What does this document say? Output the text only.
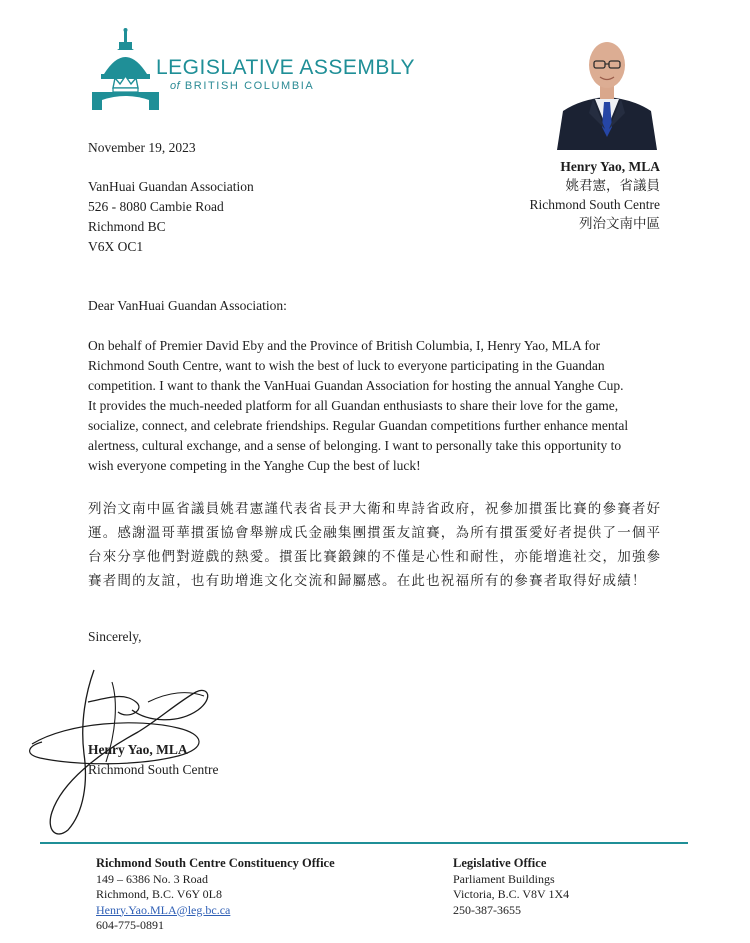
LEGISLATIVE ASSEMBLY
of BRITISH COLUMBIA
Henry Yao, MLA
姚君憲，省議員
Richmond South Centre
列治文南中區
November 19, 2023
VanHuai Guandan Association
526 - 8080 Cambie Road
Richmond BC
V6X OC1
Dear VanHuai Guandan Association:
On behalf of Premier David Eby and the Province of British Columbia, I, Henry Yao, MLA for
Richmond South Centre, want to wish the best of luck to everyone participating in the Guandan
competition. I want to thank the VanHuai Guandan Association for hosting the annual Yanghe Cup.
It provides the much-needed platform for all Guandan enthusiasts to share their love for the game,
socialize, connect, and celebrate friendships. Regular Guandan competitions further enhance mental
alertness, cultural exchange, and a sense of belonging. I want to personally take this opportunity to
wish everyone competing in the Yanghe Cup the best of luck!
列治文南中區省議員姚君憲謹代表省長尹大衛和卑詩省政府，祝參加摜蛋比賽的參賽者好
運。感謝溫哥華摜蛋協會舉辦成氏金融集團摜蛋友誼賽，為所有摜蛋愛好者提供了一個平
台來分享他們對遊戲的熱愛。摜蛋比賽鍛鍊的不僅是心性和耐性，亦能增進社交，加強參
賽者間的友誼，也有助增進文化交流和歸屬感。在此也祝福所有的參賽者取得好成績！
Sincerely,
Henry Yao, MLA
Richmond South Centre
Richmond South Centre Constituency Office
149 – 6386 No. 3 Road
Richmond, B.C. V6Y 0L8
Henry.Yao.MLA@leg.bc.ca
604-775-0891
Legislative Office
Parliament Buildings
Victoria, B.C. V8V 1X4
250-387-3655
